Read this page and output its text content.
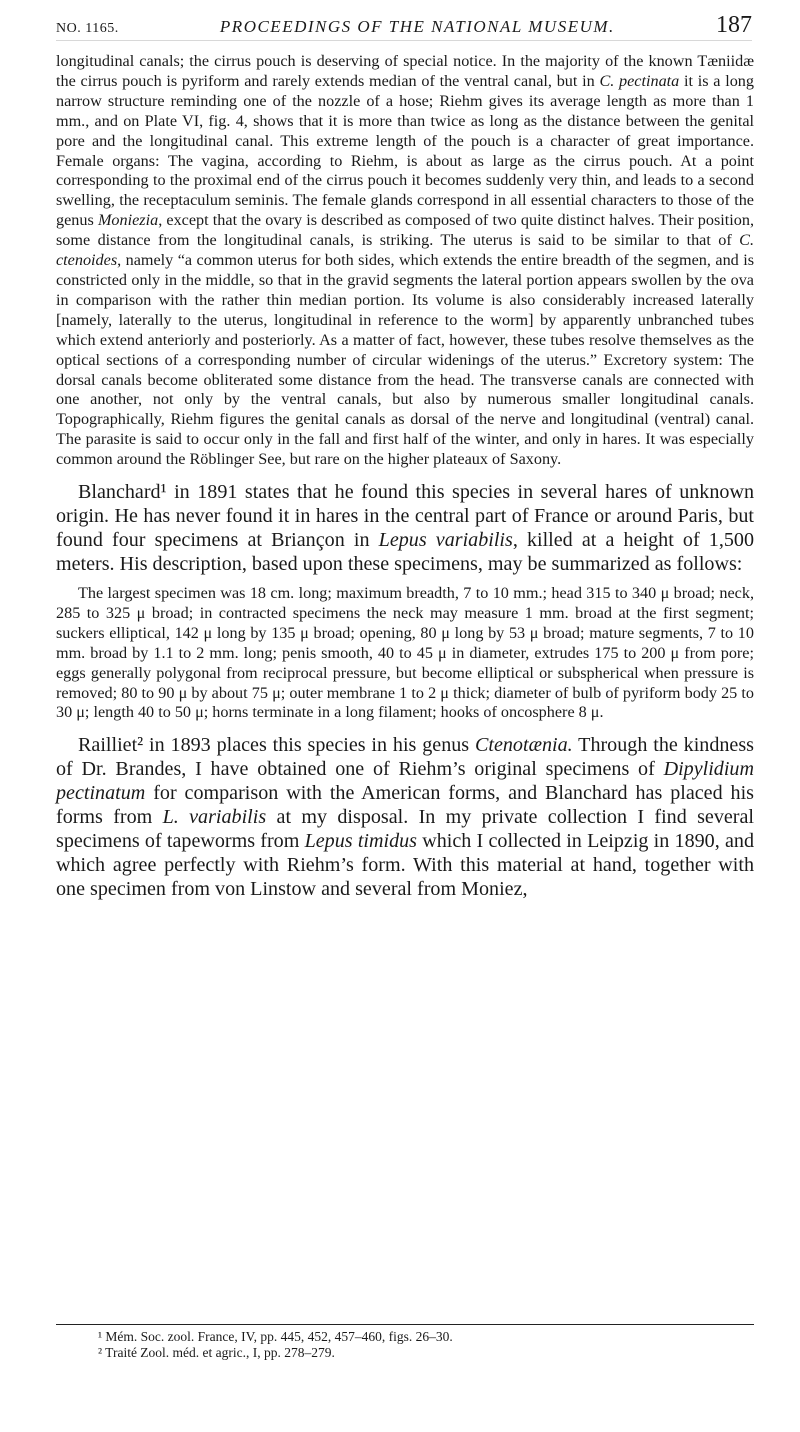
NO. 1165.	PROCEEDINGS OF THE NATIONAL MUSEUM.	187

longitudinal canals; the cirrus pouch is deserving of special notice. In the majority of the known Tæniidæ the cirrus pouch is pyriform and rarely extends median of the ventral canal, but in C. pectinata it is a long narrow structure reminding one of the nozzle of a hose; Riehm gives its average length as more than 1 mm., and on Plate VI, fig. 4, shows that it is more than twice as long as the distance between the genital pore and the longitudinal canal. This extreme length of the pouch is a character of great importance. Female organs: The vagina, according to Riehm, is about as large as the cirrus pouch. At a point corresponding to the proximal end of the cirrus pouch it becomes suddenly very thin, and leads to a second swelling, the receptaculum seminis. The female glands correspond in all essential characters to those of the genus Moniezia, except that the ovary is described as composed of two quite distinct halves. Their position, some distance from the longitudinal canals, is striking. The uterus is said to be similar to that of C. ctenoides, namely “a common uterus for both sides, which extends the entire breadth of the segmen, and is constricted only in the middle, so that in the gravid segments the lateral portion appears swollen by the ova in comparison with the rather thin median portion. Its volume is also considerably increased laterally [namely, laterally to the uterus, longitudinal in reference to the worm] by apparently unbranched tubes which extend anteriorly and posteriorly. As a matter of fact, however, these tubes resolve themselves as the optical sections of a corresponding number of circular widenings of the uterus.” Excretory system: The dorsal canals become obliterated some distance from the head. The transverse canals are connected with one another, not only by the ventral canals, but also by numerous smaller longitudinal canals. Topographically, Riehm figures the genital canals as dorsal of the nerve and longitudinal (ventral) canal. The parasite is said to occur only in the fall and first half of the winter, and only in hares. It was especially common around the Röblinger See, but rare on the higher plateaux of Saxony.

Blanchard¹ in 1891 states that he found this species in several hares of unknown origin. He has never found it in hares in the central part of France or around Paris, but found four specimens at Briançon in Lepus variabilis, killed at a height of 1,500 meters. His description, based upon these specimens, may be summarized as follows:

The largest specimen was 18 cm. long; maximum breadth, 7 to 10 mm.; head 315 to 340 μ broad; neck, 285 to 325 μ broad; in contracted specimens the neck may measure 1 mm. broad at the first segment; suckers elliptical, 142 μ long by 135 μ broad; opening, 80 μ long by 53 μ broad; mature segments, 7 to 10 mm. broad by 1.1 to 2 mm. long; penis smooth, 40 to 45 μ in diameter, extrudes 175 to 200 μ from pore; eggs generally polygonal from reciprocal pressure, but become elliptical or subspherical when pressure is removed; 80 to 90 μ by about 75 μ; outer membrane 1 to 2 μ thick; diameter of bulb of pyriform body 25 to 30 μ; length 40 to 50 μ; horns terminate in a long filament; hooks of oncosphere 8 μ.

Railliet² in 1893 places this species in his genus Ctenotænia. Through the kindness of Dr. Brandes, I have obtained one of Riehm’s original specimens of Dipylidium pectinatum for comparison with the American forms, and Blanchard has placed his forms from L. variabilis at my disposal. In my private collection I find several specimens of tapeworms from Lepus timidus which I collected in Leipzig in 1890, and which agree perfectly with Riehm’s form. With this material at hand, together with one specimen from von Linstow and several from Moniez,

¹ Mém. Soc. zool. France, IV, pp. 445, 452, 457–460, figs. 26–30.

² Traité Zool. méd. et agric., I, pp. 278–279.
